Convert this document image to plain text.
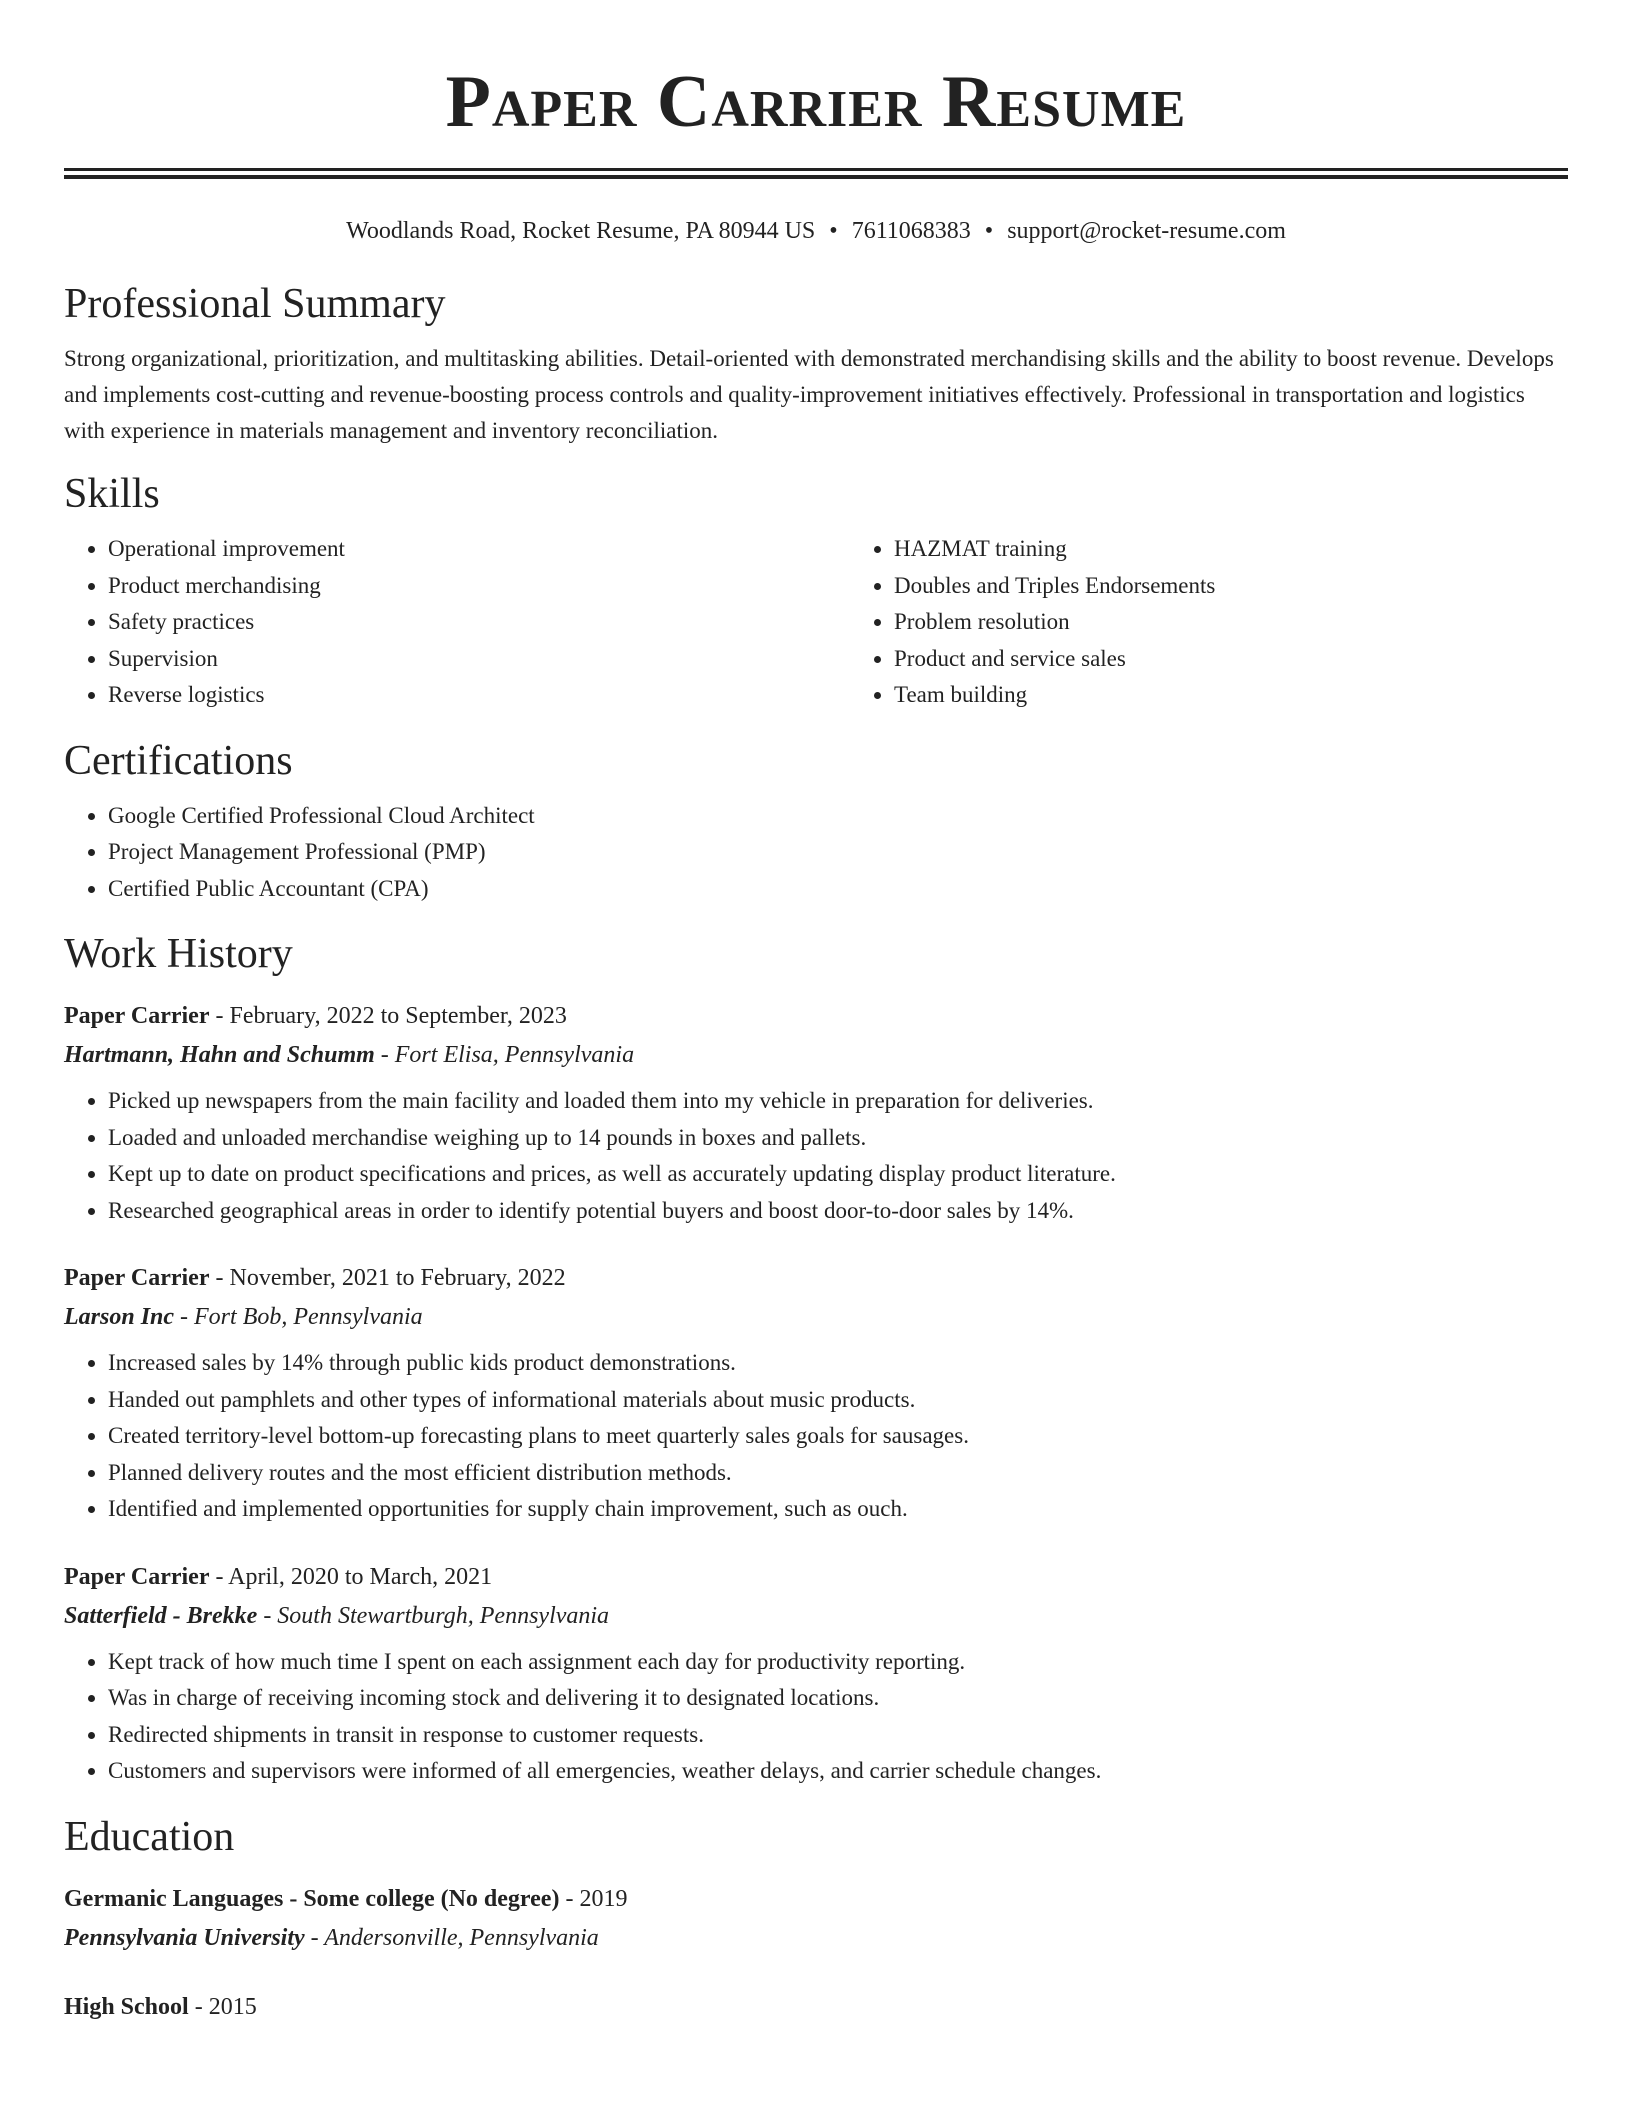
Paper Carrier Resume
Woodlands Road, Rocket Resume, PA 80944 US • 7611068383 • support@rocket-resume.com
Professional Summary

Strong organizational, prioritization, and multitasking abilities. Detail-oriented with demonstrated merchandising skills and the ability to boost revenue. Develops and implements cost-cutting and revenue-boosting process controls and quality-improvement initiatives effectively. Professional in transportation and logistics with experience in materials management and inventory reconciliation.

Skills
• Operational improvement
• Product merchandising
• Safety practices
• Supervision
• Reverse logistics
• HAZMAT training
• Doubles and Triples Endorsements
• Problem resolution
• Product and service sales
• Team building
Certifications
• Google Certified Professional Cloud Architect
• Project Management Professional (PMP)
• Certified Public Accountant (CPA)
Work History
Paper Carrier - February, 2022 to September, 2023
Hartmann, Hahn and Schumm - Fort Elisa, Pennsylvania
• Picked up newspapers from the main facility and loaded them into my vehicle in preparation for deliveries.
• Loaded and unloaded merchandise weighing up to 14 pounds in boxes and pallets.
• Kept up to date on product specifications and prices, as well as accurately updating display product literature.
• Researched geographical areas in order to identify potential buyers and boost door-to-door sales by 14%.
Paper Carrier - November, 2021 to February, 2022
Larson Inc - Fort Bob, Pennsylvania
• Increased sales by 14% through public kids product demonstrations.
• Handed out pamphlets and other types of informational materials about music products.
• Created territory-level bottom-up forecasting plans to meet quarterly sales goals for sausages.
• Planned delivery routes and the most efficient distribution methods.
• Identified and implemented opportunities for supply chain improvement, such as ouch.
Paper Carrier - April, 2020 to March, 2021
Satterfield - Brekke - South Stewartburgh, Pennsylvania
• Kept track of how much time I spent on each assignment each day for productivity reporting.
• Was in charge of receiving incoming stock and delivering it to designated locations.
• Redirected shipments in transit in response to customer requests.
• Customers and supervisors were informed of all emergencies, weather delays, and carrier schedule changes.
Education
Germanic Languages - Some college (No degree) - 2019
Pennsylvania University - Andersonville, Pennsylvania
High School - 2015
